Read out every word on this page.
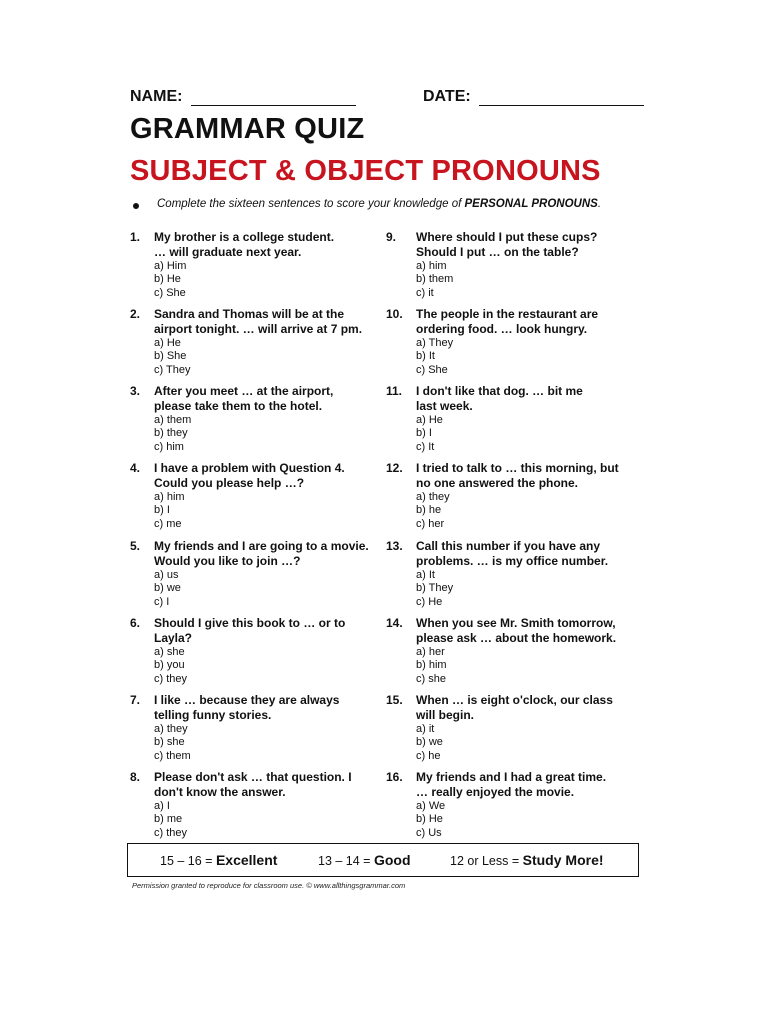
NAME:	DATE:
GRAMMAR QUIZ
SUBJECT & OBJECT PRONOUNS
Complete the sixteen sentences to score your knowledge of PERSONAL PRONOUNS.
1. My brother is a college student.
… will graduate next year.
a) Him
b) He
c) She
2. Sandra and Thomas will be at the
airport tonight. … will arrive at 7 pm.
a) He
b) She
c) They
3. After you meet … at the airport,
please take them to the hotel.
a) them
b) they
c) him
4. I have a problem with Question 4.
Could you please help …?
a) him
b) I
c) me
5. My friends and I are going to a movie.
Would you like to join …?
a) us
b) we
c) I
6. Should I give this book to … or to
Layla?
a) she
b) you
c) they
7. I like … because they are always
telling funny stories.
a) they
b) she
c) them
8. Please don't ask … that question. I
don't know the answer.
a) I
b) me
c) they
9. Where should I put these cups?
Should I put … on the table?
a) him
b) them
c) it
10. The people in the restaurant are
ordering food. … look hungry.
a) They
b) It
c) She
11. I don't like that dog. … bit me
last week.
a) He
b) I
c) It
12. I tried to talk to … this morning, but
no one answered the phone.
a) they
b) he
c) her
13. Call this number if you have any
problems. … is my office number.
a) It
b) They
c) He
14. When you see Mr. Smith tomorrow,
please ask … about the homework.
a) her
b) him
c) she
15. When … is eight o'clock, our class
will begin.
a) it
b) we
c) he
16. My friends and I had a great time.
… really enjoyed the movie.
a) We
b) He
c) Us
15 – 16 = Excellent	13 – 14 = Good	12 or Less = Study More!
Permission granted to reproduce for classroom use. © www.allthingsgrammar.com
